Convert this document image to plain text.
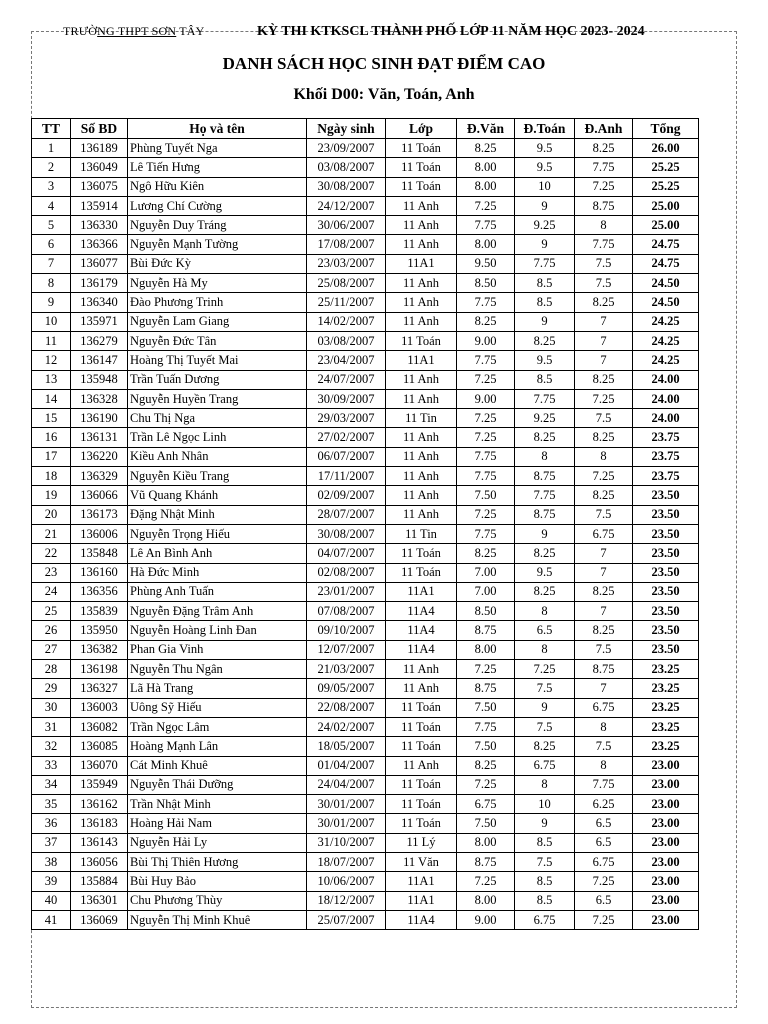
TRƯỜNG THPT SƠN TÂY	KỲ THI KTKSCL THÀNH PHỐ LỚP 11 NĂM HỌC 2023- 2024
DANH SÁCH HỌC SINH ĐẠT ĐIỂM CAO
Khối D00: Văn, Toán, Anh
TT	Số BD	Họ và tên	Ngày sinh	Lớp	Đ.Văn	Đ.Toán	Đ.Anh	Tổng
1	136189	Phùng Tuyết Nga	23/09/2007	11 Toán	8.25	9.5	8.25	26.00
2	136049	Lê Tiến Hưng	03/08/2007	11 Toán	8.00	9.5	7.75	25.25
3	136075	Ngô Hữu Kiên	30/08/2007	11 Toán	8.00	10	7.25	25.25
4	135914	Lương Chí Cường	24/12/2007	11 Anh	7.25	9	8.75	25.00
5	136330	Nguyễn Duy Tráng	30/06/2007	11 Anh	7.75	9.25	8	25.00
6	136366	Nguyễn Mạnh Tường	17/08/2007	11 Anh	8.00	9	7.75	24.75
7	136077	Bùi Đức Kỳ	23/03/2007	11A1	9.50	7.75	7.5	24.75
8	136179	Nguyễn Hà My	25/08/2007	11 Anh	8.50	8.5	7.5	24.50
9	136340	Đào Phương Trinh	25/11/2007	11 Anh	7.75	8.5	8.25	24.50
10	135971	Nguyễn Lam Giang	14/02/2007	11 Anh	8.25	9	7	24.25
11	136279	Nguyễn Đức Tân	03/08/2007	11 Toán	9.00	8.25	7	24.25
12	136147	Hoàng Thị Tuyết Mai	23/04/2007	11A1	7.75	9.5	7	24.25
13	135948	Trần Tuấn Dương	24/07/2007	11 Anh	7.25	8.5	8.25	24.00
14	136328	Nguyễn Huyền Trang	30/09/2007	11 Anh	9.00	7.75	7.25	24.00
15	136190	Chu Thị Nga	29/03/2007	11 Tin	7.25	9.25	7.5	24.00
16	136131	Trần Lê Ngọc Linh	27/02/2007	11 Anh	7.25	8.25	8.25	23.75
17	136220	Kiều Anh Nhân	06/07/2007	11 Anh	7.75	8	8	23.75
18	136329	Nguyễn Kiều Trang	17/11/2007	11 Anh	7.75	8.75	7.25	23.75
19	136066	Vũ Quang Khánh	02/09/2007	11 Anh	7.50	7.75	8.25	23.50
20	136173	Đặng Nhật Minh	28/07/2007	11 Anh	7.25	8.75	7.5	23.50
21	136006	Nguyễn Trọng Hiếu	30/08/2007	11 Tin	7.75	9	6.75	23.50
22	135848	Lê An Bình Anh	04/07/2007	11 Toán	8.25	8.25	7	23.50
23	136160	Hà Đức Minh	02/08/2007	11 Toán	7.00	9.5	7	23.50
24	136356	Phùng Anh Tuấn	23/01/2007	11A1	7.00	8.25	8.25	23.50
25	135839	Nguyễn Đặng Trâm Anh	07/08/2007	11A4	8.50	8	7	23.50
26	135950	Nguyễn Hoàng Linh Đan	09/10/2007	11A4	8.75	6.5	8.25	23.50
27	136382	Phan Gia Vinh	12/07/2007	11A4	8.00	8	7.5	23.50
28	136198	Nguyễn Thu Ngân	21/03/2007	11 Anh	7.25	7.25	8.75	23.25
29	136327	Lã Hà Trang	09/05/2007	11 Anh	8.75	7.5	7	23.25
30	136003	Uông Sỹ Hiếu	22/08/2007	11 Toán	7.50	9	6.75	23.25
31	136082	Trần Ngọc Lâm	24/02/2007	11 Toán	7.75	7.5	8	23.25
32	136085	Hoàng Mạnh Lân	18/05/2007	11 Toán	7.50	8.25	7.5	23.25
33	136070	Cát Minh Khuê	01/04/2007	11 Anh	8.25	6.75	8	23.00
34	135949	Nguyễn Thái Dưỡng	24/04/2007	11 Toán	7.25	8	7.75	23.00
35	136162	Trần Nhật Minh	30/01/2007	11 Toán	6.75	10	6.25	23.00
36	136183	Hoàng Hải Nam	30/01/2007	11 Toán	7.50	9	6.5	23.00
37	136143	Nguyễn Hải Ly	31/10/2007	11 Lý	8.00	8.5	6.5	23.00
38	136056	Bùi Thị Thiên Hương	18/07/2007	11 Văn	8.75	7.5	6.75	23.00
39	135884	Bùi Huy Bảo	10/06/2007	11A1	7.25	8.5	7.25	23.00
40	136301	Chu Phương Thùy	18/12/2007	11A1	8.00	8.5	6.5	23.00
41	136069	Nguyễn Thị Minh Khuê	25/07/2007	11A4	9.00	6.75	7.25	23.00
